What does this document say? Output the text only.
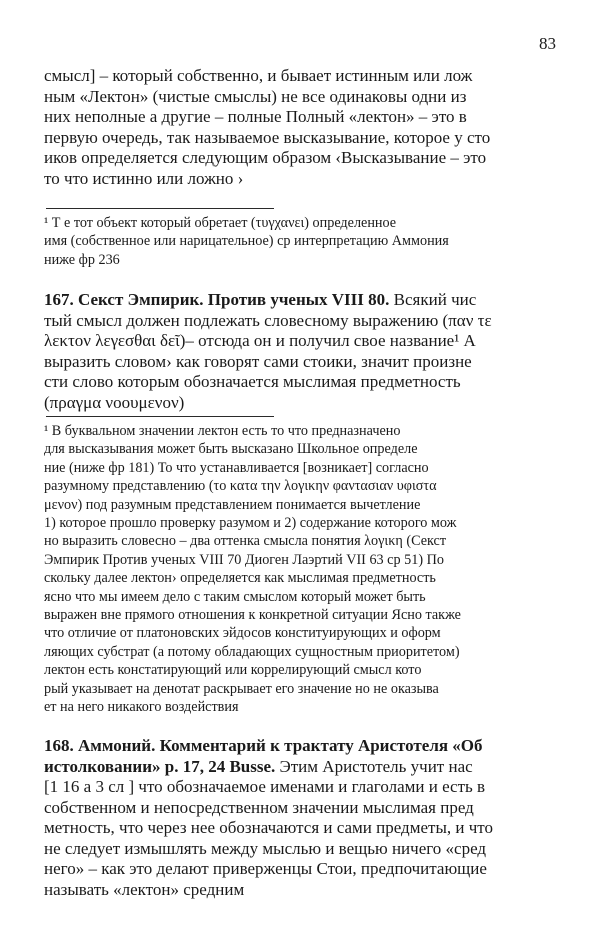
83
смысл] – который собственно, и бывает истинным или лож
ным «Лектон» (чистые смыслы) не все одинаковы одни из
них неполные а другие – полные Полный «лектон» – это в
первую очередь, так называемое высказывание, которое у сто
иков определяется следующим образом ‹Высказывание – это
то что истинно или ложно ›
¹ Т е тот объект который обретает (τυγχανει) определенное
имя (собственное или нарицательное) ср интерпретацию Аммония
ниже фр 236
167. Секст Эмпирик. Против ученых VIII 80. Всякий чис
тый смысл должен подлежать словесному выражению (παν τε
λεκτον λεγεσθαι δεῖ)– отсюда он и получил свое название¹ А
выразить словом› как говорят сами стоики, значит произне
сти слово которым обозначается мыслимая предметность
(πραγμα νοουμενον)
¹ В буквальном значении лектон есть то что предназначено
для высказывания может быть высказано Школьное определе
ние (ниже фр 181) То что устанавливается [возникает] согласно
разумному представлению (το κατα την λογικην φαντασιαν υφιστα
μενον) под разумным представлением понимается вычетление
1) которое прошло проверку разумом и 2) содержание которого мож
но выразить словесно – два оттенка смысла понятия λογικη (Секст
Эмпирик Против ученых VIII 70 Диоген Лаэртий VII 63 ср 51) По
скольку далее лектон› определяется как мыслимая предметность
ясно что мы имеем дело с таким смыслом который может быть
выражен вне прямого отношения к конкретной ситуации Ясно также
что отличие от платоновских эйдосов конституирующих и оформ
ляющих субстрат (а потому обладающих сущностным приоритетом)
лектон есть констатирующий или коррелирующий смысл кото
рый указывает на денотат раскрывает его значение но не оказыва
ет на него никакого воздействия
168. Аммоний. Комментарий к трактату Аристотеля «Об
истолковании» р. 17, 24 Busse. Этим Аристотель учит нас
[1 16 а 3 сл ] что обозначаемое именами и глаголами и есть в
собственном и непосредственном значении мыслимая пред
метность, что через нее обозначаются и сами предметы, и что
не следует измышлять между мыслью и вещью ничего «сред
него» – как это делают приверженцы Стои, предпочитающие
называть «лектон» средним
